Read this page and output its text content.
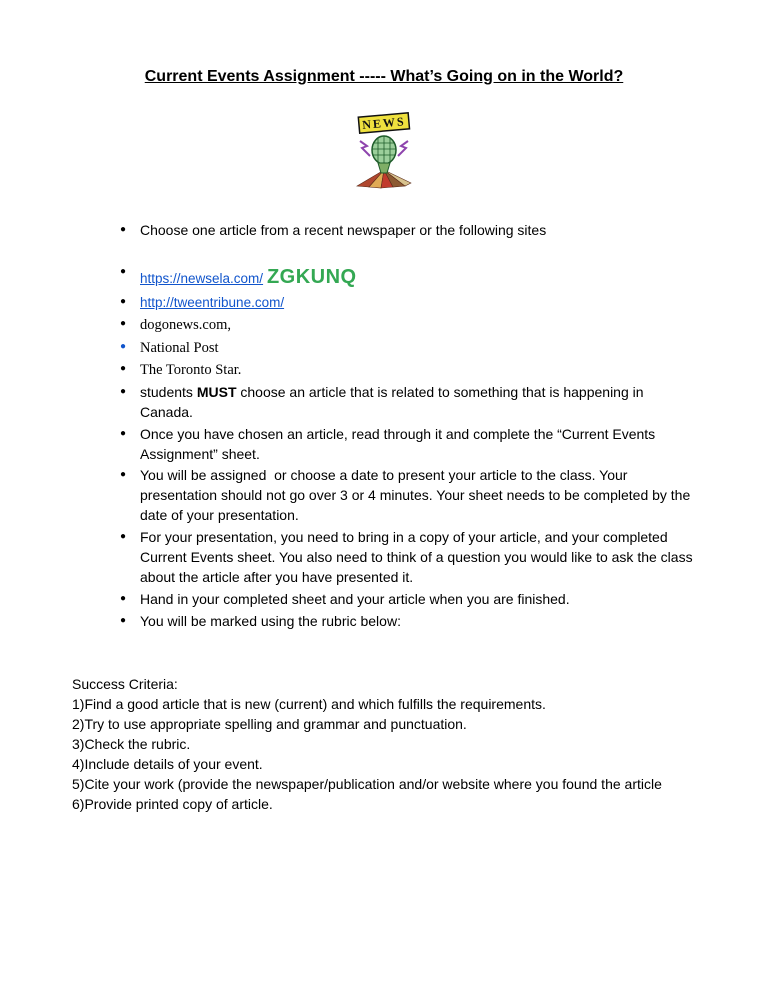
Current Events Assignment ----- What’s Going on in the World?
NEWS
● Choose one article from a recent newspaper or the following sites
● https://newsela.com/ ZGKUNQ
● http://tweentribune.com/
● dogonews.com,
● National Post
● The Toronto Star.
● students MUST choose an article that is related to something that is happening in Canada.
● Once you have chosen an article, read through it and complete the “Current Events Assignment” sheet.
● You will be assigned  or choose a date to present your article to the class. Your presentation should not go over 3 or 4 minutes. Your sheet needs to be completed by the date of your presentation.
● For your presentation, you need to bring in a copy of your article, and your completed Current Events sheet. You also need to think of a question you would like to ask the class about the article after you have presented it.
● Hand in your completed sheet and your article when you are finished.
● You will be marked using the rubric below:
Success Criteria:
1)Find a good article that is new (current) and which fulfills the requirements.
2)Try to use appropriate spelling and grammar and punctuation.
3)Check the rubric.
4)Include details of your event.
5)Cite your work (provide the newspaper/publication and/or website where you found the article
6)Provide printed copy of article.
